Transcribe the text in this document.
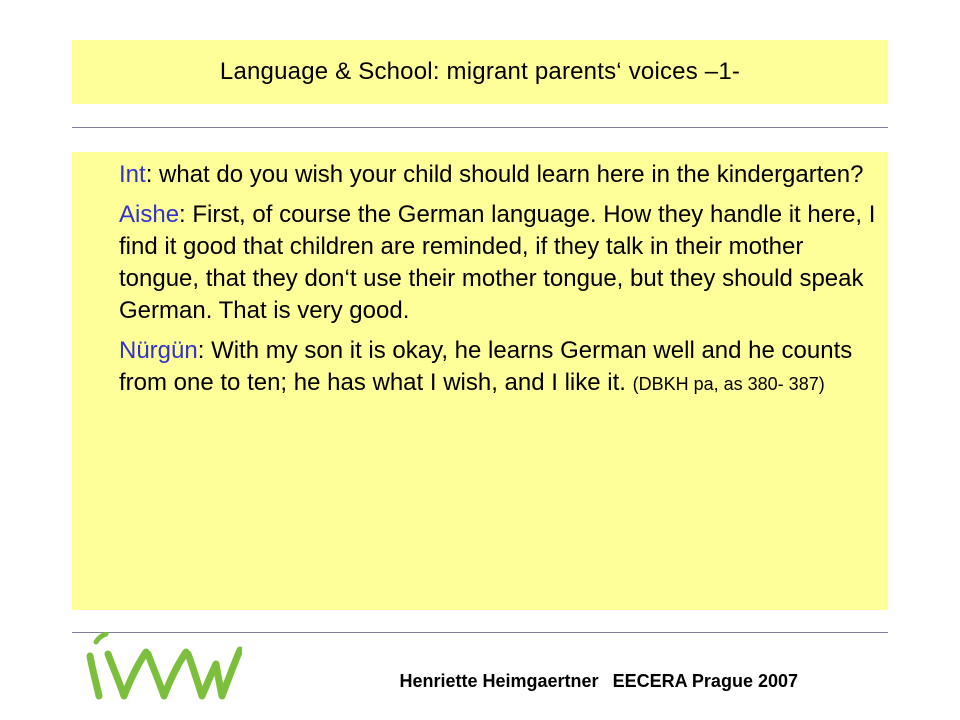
Language & School: migrant parents‘ voices –1-

Int: what do you wish your child should learn here in the kindergarten?

Aishe: First, of course the German language. How they handle it here, I find it good that children are reminded, if they talk in their mother tongue, that they don‘t use their mother tongue, but they should speak German. That is very good.

Nürgün: With my son it is okay, he learns German well and he counts from one to ten; he has what I wish, and I like it. (DBKH pa, as 380- 387)

Henriette Heimgaertner EECERA Prague 2007
